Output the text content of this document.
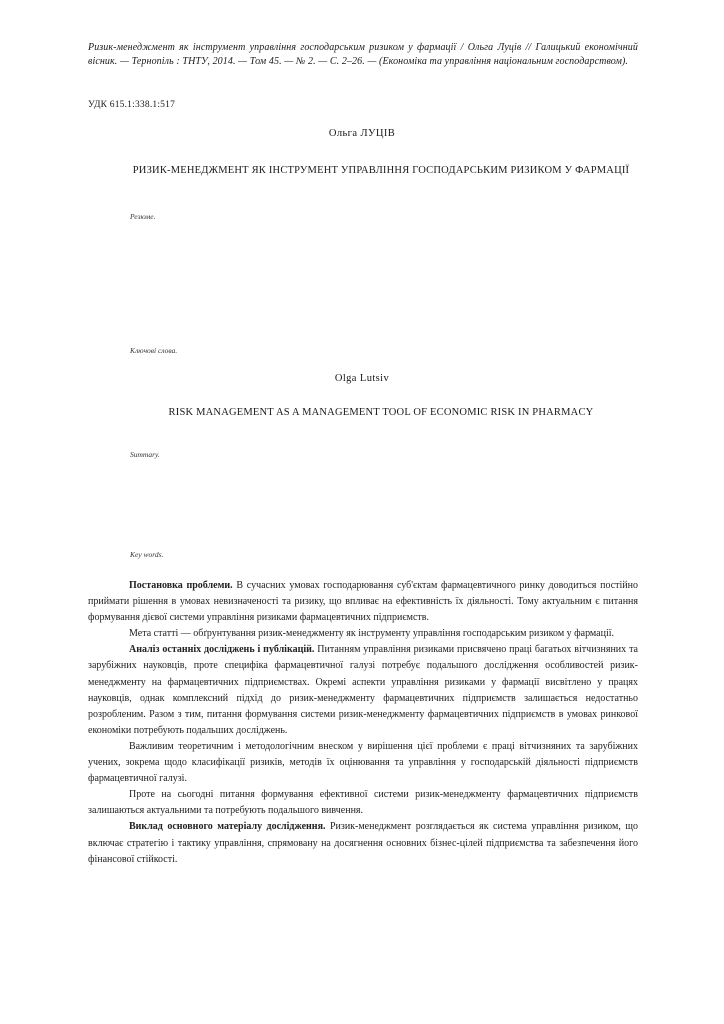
Ризик-менеджмент як інструмент управління господарським ризиком у фармації / Ольга Луців // Галицький економічний вісник. — Тернопіль : ТНТУ, 2014. — Том 45. — № 2. — С. 2–26. — (Економіка та управління національним господарством).
УДК 615.1:338.1:517
Ольга ЛУЦІВ
РИЗИК-МЕНЕДЖМЕНТ ЯК ІНСТРУМЕНТ УПРАВЛІННЯ ГОСПОДАРСЬКИМ РИЗИКОМ У ФАРМАЦІЇ
Резюме.
Ключові слова.
Olga Lutsiv
RISK MANAGEMENT AS A MANAGEMENT TOOL OF ECONOMIC RISK IN PHARMACY
Summary.
Key words.

Постановка проблеми. В сучасних умовах господарювання суб'єктам фармацевтичного ринку доводиться постійно приймати рішення в умовах невизначеності та ризику, що впливає на ефективність їх діяльності. Тому актуальним є питання формування дієвої системи управління ризиками фармацевтичних підприємств.

Мета статті — обґрунтування ризик-менеджменту як інструменту управління господарським ризиком у фармації.

Аналіз останніх досліджень і публікацій. Питанням управління ризиками присвячено праці багатьох вітчизняних та зарубіжних науковців, проте специфіка фармацевтичної галузі потребує подальшого дослідження особливостей ризик-менеджменту на фармацевтичних підприємствах. Окремі аспекти управління ризиками у фармації висвітлено у працях науковців, однак комплексний підхід до ризик-менеджменту фармацевтичних підприємств залишається недостатньо розробленим. Разом з тим, питання формування системи ризик-менеджменту фармацевтичних підприємств в умовах ринкової економіки потребують подальших досліджень.

Важливим теоретичним і методологічним внеском у вирішення цієї проблеми є праці вітчизняних та зарубіжних учених, зокрема щодо класифікації ризиків, методів їх оцінювання та управління у господарській діяльності підприємств фармацевтичної галузі.

Проте на сьогодні питання формування ефективної системи ризик-менеджменту фармацевтичних підприємств залишаються актуальними та потребують подальшого вивчення.

Виклад основного матеріалу дослідження. Ризик-менеджмент розглядається як система управління ризиком, що включає стратегію і тактику управління, спрямовану на досягнення основних бізнес-цілей підприємства та забезпечення його фінансової стійкості.
